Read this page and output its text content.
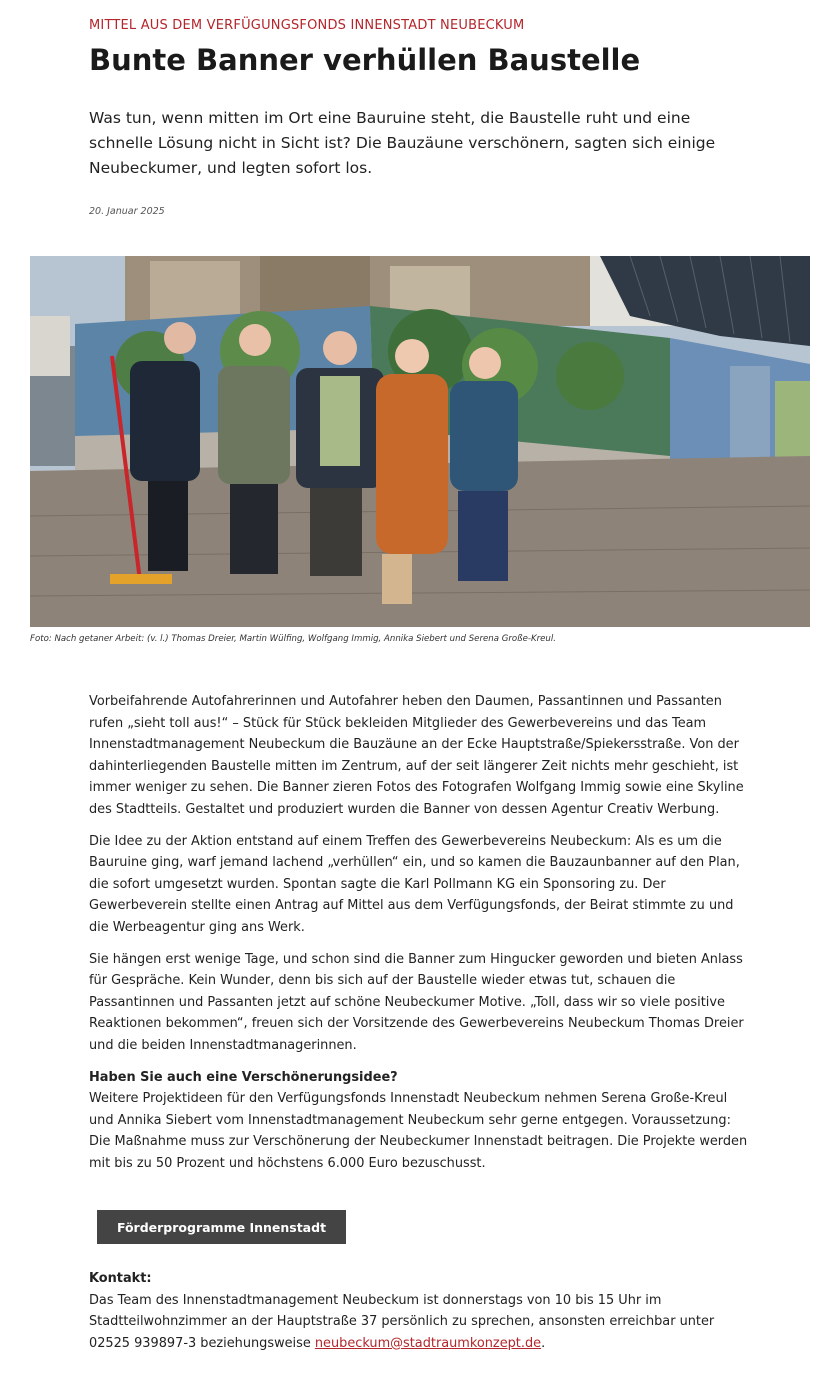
MITTEL AUS DEM VERFÜGUNGSFONDS INNENSTADT NEUBECKUM
Bunte Banner verhüllen Baustelle

Was tun, wenn mitten im Ort eine Bauruine steht, die Baustelle ruht und eine schnelle Lösung nicht in Sicht ist? Die Bauzäune verschönern, sagten sich einige Neubeckumer, und legten sofort los.

20. Januar 2025
Foto: Nach getaner Arbeit: (v. l.) Thomas Dreier, Martin Wülfing, Wolfgang Immig, Annika Siebert und Serena Große-Kreul.

Vorbeifahrende Autofahrerinnen und Autofahrer heben den Daumen, Passantinnen und Passanten rufen „sieht toll aus!“ – Stück für Stück bekleiden Mitglieder des Gewerbevereins und das Team Innenstadtmanagement Neubeckum die Bauzäune an der Ecke Hauptstraße/Spiekersstraße. Von der dahinterliegenden Baustelle mitten im Zentrum, auf der seit längerer Zeit nichts mehr geschieht, ist immer weniger zu sehen. Die Banner zieren Fotos des Fotografen Wolfgang Immig sowie eine Skyline des Stadtteils. Gestaltet und produziert wurden die Banner von dessen Agentur Creativ Werbung.

Die Idee zu der Aktion entstand auf einem Treffen des Gewerbevereins Neubeckum: Als es um die Bauruine ging, warf jemand lachend „verhüllen“ ein, und so kamen die Bauzaunbanner auf den Plan, die sofort umgesetzt wurden. Spontan sagte die Karl Pollmann KG ein Sponsoring zu. Der Gewerbeverein stellte einen Antrag auf Mittel aus dem Verfügungsfonds, der Beirat stimmte zu und die Werbeagentur ging ans Werk.

Sie hängen erst wenige Tage, und schon sind die Banner zum Hingucker geworden und bieten Anlass für Gespräche. Kein Wunder, denn bis sich auf der Baustelle wieder etwas tut, schauen die Passantinnen und Passanten jetzt auf schöne Neubeckumer Motive. „Toll, dass wir so viele positive Reaktionen bekommen“, freuen sich der Vorsitzende des Gewerbevereins Neubeckum Thomas Dreier und die beiden Innenstadtmanagerinnen.

Haben Sie auch eine Verschönerungsidee?
Weitere Projektideen für den Verfügungsfonds Innenstadt Neubeckum nehmen Serena Große-Kreul und Annika Siebert vom Innenstadtmanagement Neubeckum sehr gerne entgegen. Voraussetzung: Die Maßnahme muss zur Verschönerung der Neubeckumer Innenstadt beitragen. Die Projekte werden mit bis zu 50 Prozent und höchstens 6.000 Euro bezuschusst.

Förderprogramme Innenstadt
Kontakt:
Das Team des Innenstadtmanagement Neubeckum ist donnerstags von 10 bis 15 Uhr im Stadtteilwohnzimmer an der Hauptstraße 37 persönlich zu sprechen, ansonsten erreichbar unter 02525 939897-3 beziehungsweise neubeckum@stadtraumkonzept.de.
